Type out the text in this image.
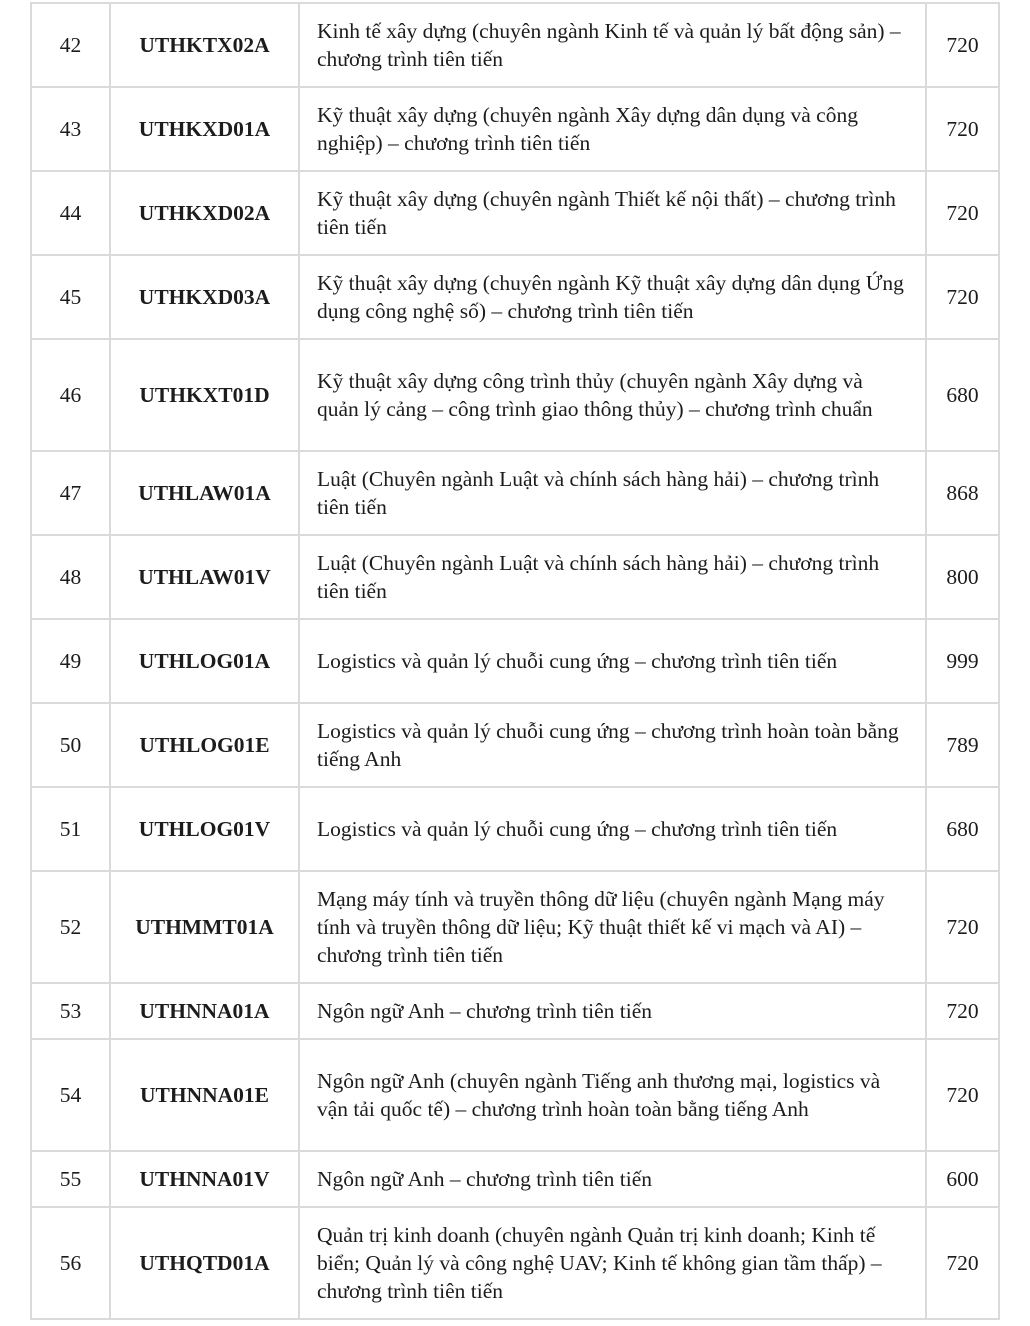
42	UTHKTX02A	Kinh tế xây dựng (chuyên ngành Kinh tế và quản lý bất động sản) – chương trình tiên tiến	720
43	UTHKXD01A	Kỹ thuật xây dựng (chuyên ngành Xây dựng dân dụng và công nghiệp) – chương trình tiên tiến	720
44	UTHKXD02A	Kỹ thuật xây dựng (chuyên ngành Thiết kế nội thất) – chương trình tiên tiến	720
45	UTHKXD03A	Kỹ thuật xây dựng (chuyên ngành Kỹ thuật xây dựng dân dụng Ứng dụng công nghệ số) – chương trình tiên tiến	720
46	UTHKXT01D	Kỹ thuật xây dựng công trình thủy (chuyên ngành Xây dựng và quản lý cảng – công trình giao thông thủy) – chương trình chuẩn	680
47	UTHLAW01A	Luật (Chuyên ngành Luật và chính sách hàng hải) – chương trình tiên tiến	868
48	UTHLAW01V	Luật (Chuyên ngành Luật và chính sách hàng hải) – chương trình tiên tiến	800
49	UTHLOG01A	Logistics và quản lý chuỗi cung ứng – chương trình tiên tiến	999
50	UTHLOG01E	Logistics và quản lý chuỗi cung ứng – chương trình hoàn toàn bằng tiếng Anh	789
51	UTHLOG01V	Logistics và quản lý chuỗi cung ứng – chương trình tiên tiến	680
52	UTHMMT01A	Mạng máy tính và truyền thông dữ liệu (chuyên ngành Mạng máy tính và truyền thông dữ liệu; Kỹ thuật thiết kế vi mạch và AI) – chương trình tiên tiến	720
53	UTHNNA01A	Ngôn ngữ Anh – chương trình tiên tiến	720
54	UTHNNA01E	Ngôn ngữ Anh (chuyên ngành Tiếng anh thương mại, logistics và vận tải quốc tế) – chương trình hoàn toàn bằng tiếng Anh	720
55	UTHNNA01V	Ngôn ngữ Anh – chương trình tiên tiến	600
56	UTHQTD01A	Quản trị kinh doanh (chuyên ngành Quản trị kinh doanh; Kinh tế biển; Quản lý và công nghệ UAV; Kinh tế không gian tầm thấp) – chương trình tiên tiến	720
